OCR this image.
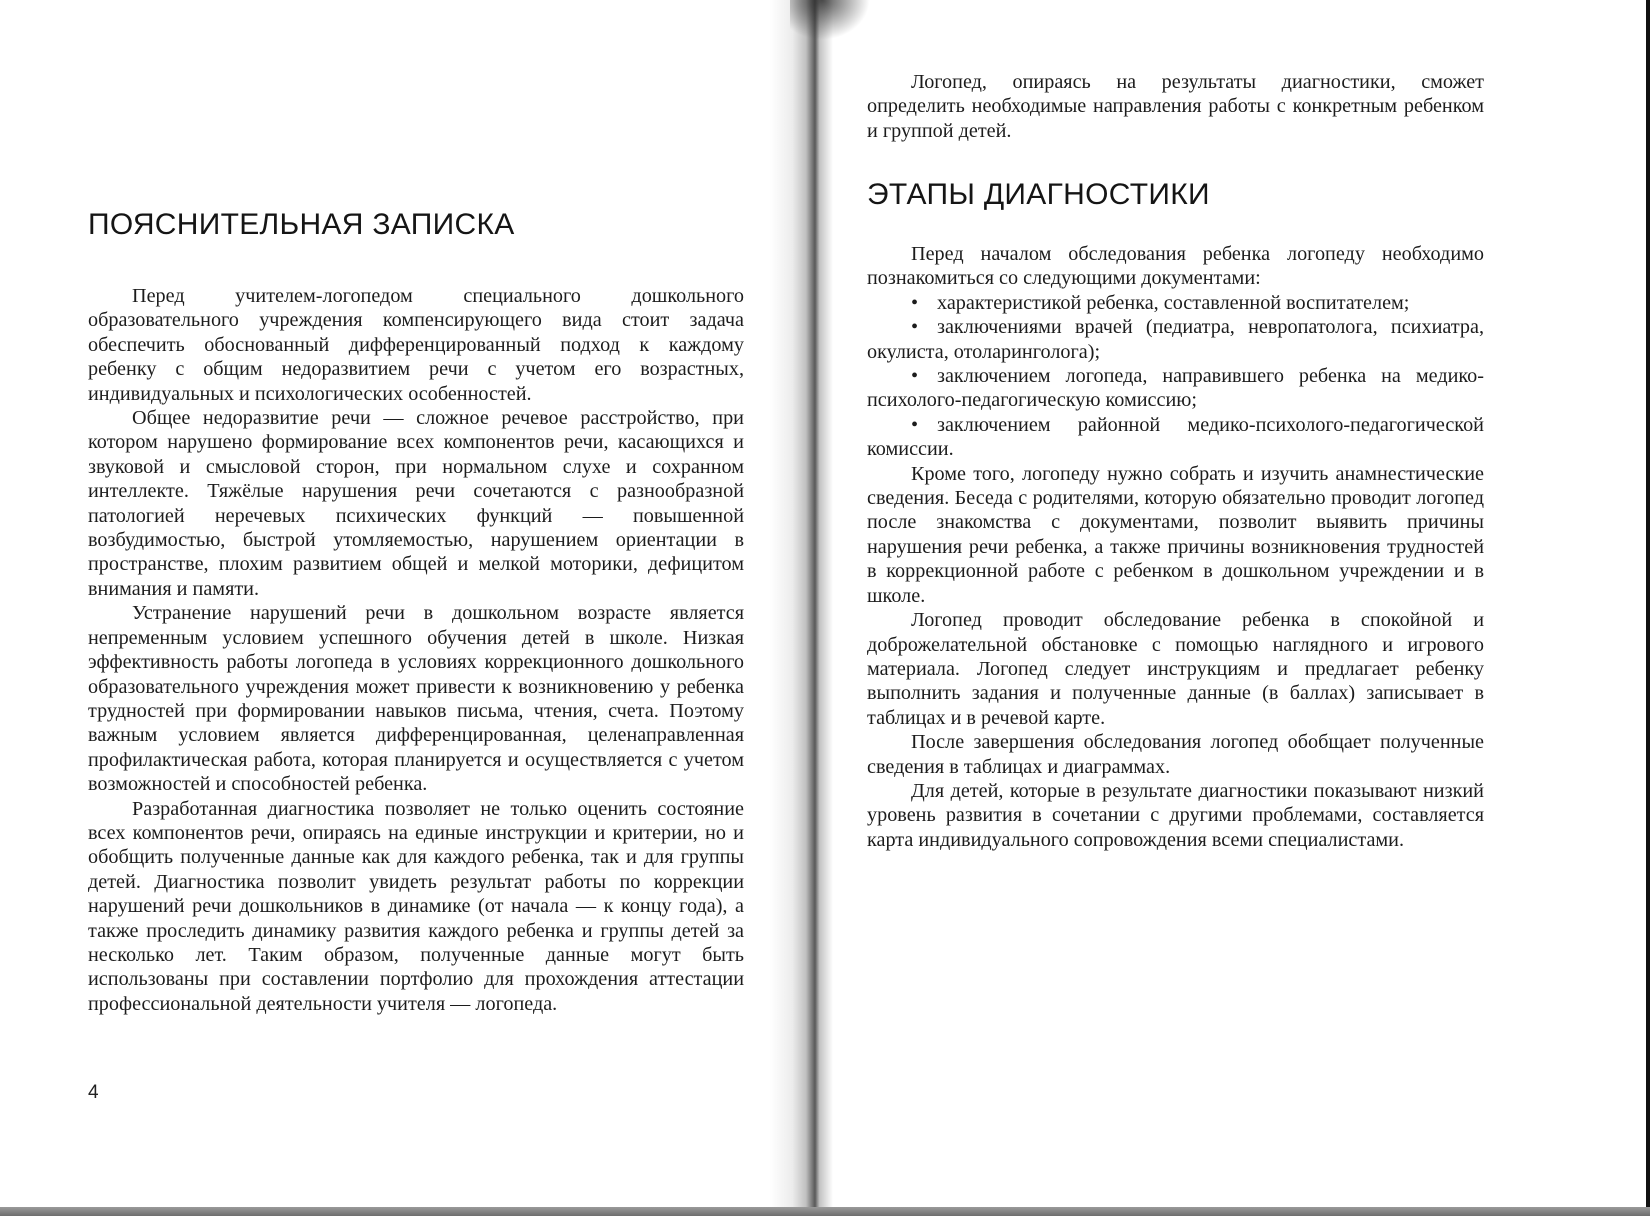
ПОЯСНИТЕЛЬНАЯ ЗАПИСКА

Перед учителем-логопедом специального дошкольного образовательного учреждения компенсирующего вида стоит задача обеспечить обоснованный дифференцированный подход к каждому ребенку с общим недоразвитием речи с учетом его возрастных, индивидуальных и психологических особенностей.

Общее недоразвитие речи — сложное речевое расстройство, при котором нарушено формирование всех компонентов речи, касающихся и звуковой и смысловой сторон, при нормальном слухе и сохранном интеллекте. Тяжёлые нарушения речи сочетаются с разнообразной патологией неречевых психических функций — повышенной возбудимостью, быстрой утомляемостью, нарушением ориентации в пространстве, плохим развитием общей и мелкой моторики, дефицитом внимания и памяти.

Устранение нарушений речи в дошкольном возрасте является непременным условием успешного обучения детей в школе. Низкая эффективность работы логопеда в условиях коррекционного дошкольного образовательного учреждения может привести к возникновению у ребенка трудностей при формировании навыков письма, чтения, счета. Поэтому важным условием является дифференцированная, целенаправленная профилактическая работа, которая планируется и осуществляется с учетом возможностей и способностей ребенка.

Разработанная диагностика позволяет не только оценить состояние всех компонентов речи, опираясь на единые инструкции и критерии, но и обобщить полученные данные как для каждого ребенка, так и для группы детей. Диагностика позволит увидеть результат работы по коррекции нарушений речи дошкольников в динамике (от начала — к концу года), а также проследить динамику развития каждого ребенка и группы детей за несколько лет. Таким образом, полученные данные могут быть использованы при составлении портфолио для прохождения аттестации профессиональной деятельности учителя — логопеда.

4

Логопед, опираясь на результаты диагностики, сможет определить необходимые направления работы с конкретным ребенком и группой детей.

ЭТАПЫ ДИАГНОСТИКИ

Перед началом обследования ребенка логопеду необходимо познакомиться со следующими документами:

• характеристикой ребенка, составленной воспитателем;
• заключениями врачей (педиатра, невропатолога, психиатра, окулиста, отоларинголога);
• заключением логопеда, направившего ребенка на медико-психолого-педагогическую комиссию;
• заключением районной медико-психолого-педагогической комиссии.

Кроме того, логопеду нужно собрать и изучить анамнестические сведения. Беседа с родителями, которую обязательно проводит логопед после знакомства с документами, позволит выявить причины нарушения речи ребенка, а также причины возникновения трудностей в коррекционной работе с ребенком в дошкольном учреждении и в школе.

Логопед проводит обследование ребенка в спокойной и доброжелательной обстановке с помощью наглядного и игрового материала. Логопед следует инструкциям и предлагает ребенку выполнить задания и полученные данные (в баллах) записывает в таблицах и в речевой карте.

После завершения обследования логопед обобщает полученные сведения в таблицах и диаграммах.

Для детей, которые в результате диагностики показывают низкий уровень развития в сочетании с другими проблемами, составляется карта индивидуального сопровождения всеми специалистами.
